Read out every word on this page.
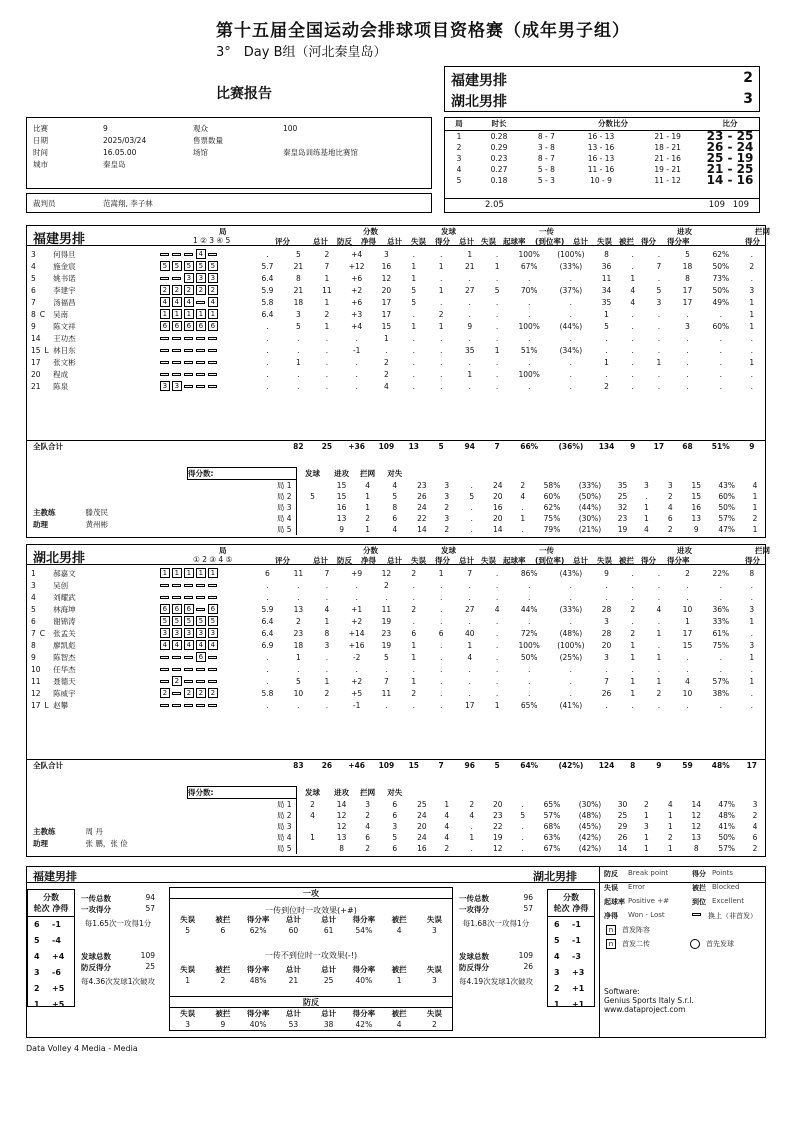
第十五届全国运动会排球项目资格赛（成年男子组）
3°　Day B组（河北秦皇岛）
比赛报告
福建男排	2
湖北男排	3
比赛	9	观众	100
日期	2025/03/24	售票数量	
时间	16.05.00	场馆	秦皇岛训练基地比赛馆
城市	秦皇岛		
裁判员	范嵩翔, 李子林
局	时长	分数比分			比分
1	0.28	8 - 7	16 - 13	21 - 19	23 - 25
2	0.29	3 - 8	13 - 16	18 - 21	26 - 24
3	0.23	8 - 7	16 - 13	21 - 16	25 - 19
4	0.27	5 - 8	11 - 16	19 - 21	21 - 25
5	0.18	5 - 3	10 - 9	11 - 12	14 - 16
2.05	109 109
福建男排
局	分数	发球	一传	进攻	拦网
1 ② 3 ④ 5	评分	总计 防反 净得 总计 失误 得分 总计 失误 起球率 (到位率) 总计 失误 被拦 得分 得分率	得分
3	何得旦	4	.	5	2	+4	3	.	.	1	.	100%	(100%)	8	.	.	5	62%	.
4	施金宸	5 5 5 5 5	5.7	21	7	+12	16	1	1	21	1	67%	(33%)	36	.	7	18	50%	2
5	姚书诺	3 3 3	6.4	8	1	+6	12	1	.	.	.	.	.	11	1	.	8	73%	.
6	李建宇	2 2 2 2 2	5.9	21	11	+2	20	5	1	27	5	70%	(37%)	34	4	5	17	50%	3
7	汤福昌	4 4 4 4	5.8	18	1	+6	17	5	.	.	.	.	.	35	4	3	17	49%	1
8 C	吴南	1 1 1 1 1	6.4	3	2	+3	17	.	2	.	.	.	.	1	.	.	.	.	1
9	陈文祥	6 6 6 6 6	.	5	1	+4	15	1	1	9	.	100%	(44%)	5	.	.	3	60%	1
14	王功杰		.	.	.	.	1	.	.	.	.	.	.	.	.	.	.	.	.
15 L	林日东		.	.	.	-1	.	.	.	35	1	51%	(34%)	.	.	.	.	.	.
17	张文彬		.	1	.	.	2	.	.	.	.	.	.	1	.	1	.	.	1
20	程成		.	.	.	.	2	.	.	1	.	100%	.	.	.	.	.	.	.
21	陈泉	3 3	.	.	.	.	4	.	.	.	.	.	.	2	.	.	.	.	.

全队合计				82	25	+36	109	13	5	94	7	66%	(36%)	134	9	17	68	51%	9
得分数:	发球	进攻	拦网	对失													
局 1		15	4	4	23	3	.	24	2	58%	(33%)	35	3	3	15	43%	4
局 2	5	15	1	5	26	3	5	20	4	60%	(50%)	25	.	2	15	60%	1
局 3		16	1	8	24	2	.	16	.	62%	(44%)	32	1	4	16	50%	1
局 4		13	2	6	22	3	.	20	1	75%	(30%)	23	1	6	13	57%	2
局 5		9	1	4	14	2	.	14	.	79%	(21%)	19	4	2	9	47%	1
主教练	滕茂民
助理	黄州彬
湖北男排
局	分数	发球	一传	进攻	拦网
① 2 ③ 4 ⑤	评分	总计 防反 净得 总计 失误 得分 总计 失误 起球率 (到位率) 总计 失误 被拦 得分 得分率	得分
1	郝嘉文	1 1 1 1 1	6	11	7	+9	12	2	1	7	.	86%	(43%)	9	.	.	2	22%	8
3	吴创		.	.	.	.	2	.	.	.	.	.	.	.	.	.	.	.	.
4	刘耀武		.	.	.	.	.	.	.	.	.	.	.	.	.	.	.	.	.
5	林海坤	6 6 6 6	5.9	13	4	+1	11	2	.	27	4	44%	(33%)	28	2	4	10	36%	3
6	谢锦涛	5 5 5 5 5	6.4	2	1	+2	19	.	.	.	.	.	.	3	.	.	1	33%	1
7 C	张孟关	3 3 3 3 3	6.4	23	8	+14	23	6	6	40	.	72%	(48%)	28	2	1	17	61%	.
8	廖凯彪	4 4 4 4 4	6.9	18	3	+16	19	1	.	1	.	100%	(100%)	20	1	.	15	75%	3
9	陈智杰	6	.	1	.	-2	5	1	.	4	.	50%	(25%)	3	1	1	.	.	1
10	任华杰		.	.	.	.	.	.	.	.	.	.	.	.	.	.	.	.	.
11	聂德天	2	.	5	1	+2	7	1	.	.	.	.	.	7	1	1	4	57%	1
12	陈威宇	2 2 2 2	5.8	10	2	+5	11	2	.	.	.	.	.	26	1	2	10	38%	.
17 L	赵攀		.	.	.	-1	.	.	.	17	1	65%	(41%)	.	.	.	.	.	.

全队合计				83	26	+46	109	15	7	96	5	64%	(42%)	124	8	9	59	48%	17
得分数:	发球	进攻	拦网	对失													
局 1	2	14	3	6	25	1	2	20	.	65%	(30%)	30	2	4	14	47%	3
局 2	4	12	2	6	24	4	4	23	5	57%	(48%)	25	1	1	12	48%	2
局 3		12	4	3	20	4	.	22	.	68%	(45%)	29	3	1	12	41%	4
局 4	1	13	6	5	24	4	1	19	.	63%	(42%)	26	1	2	13	50%	6
局 5		8	2	6	16	2	.	12	.	67%	(42%)	14	1	1	8	57%	2
主教练	周 丹
助理	张 鹏，张 俭
福建男排	湖北男排
分数
轮次 净得
6 -1
5 -4
4 +4
3 -6
2 +5
1 +5
分数
轮次 净得
6 -1
5 -1
4 -3
3 +3
2 +1
1 +1
一传总数	94
一攻得分	57
每1.65次一攻得1分
发球总数	109
防反得分	25
每4.36次发球1次破攻
一传总数	96
一攻得分	57
每1.68次一攻得1分
发球总数	109
防反得分	26
每4.19次发球1次破攻
一攻
一传到位时一攻效果(+#)
失误	被拦	得分率	总计	总计	得分率	被拦	失误
5	6	62%	60	61	54%	4	3
一传不到位时一攻效果(-!)
失误	被拦	得分率	总计	总计	得分率	被拦	失误
1	2	48%	21	25	40%	1	3
防反
失误	被拦	得分率	总计	总计	得分率	被拦	失误
3	9	40%	53	38	42%	4	2
防反 Break point	得分 Points
失误 Error	被拦 Blocked
起球率 Positive +#	到位 Excellent
净得 Won - Lost	换上（非首发）
n	首发阵容
n	首发二传	首先发球
Software:
Genius Sports Italy S.r.l.
www.dataproject.com
Data Volley 4 Media - Media
